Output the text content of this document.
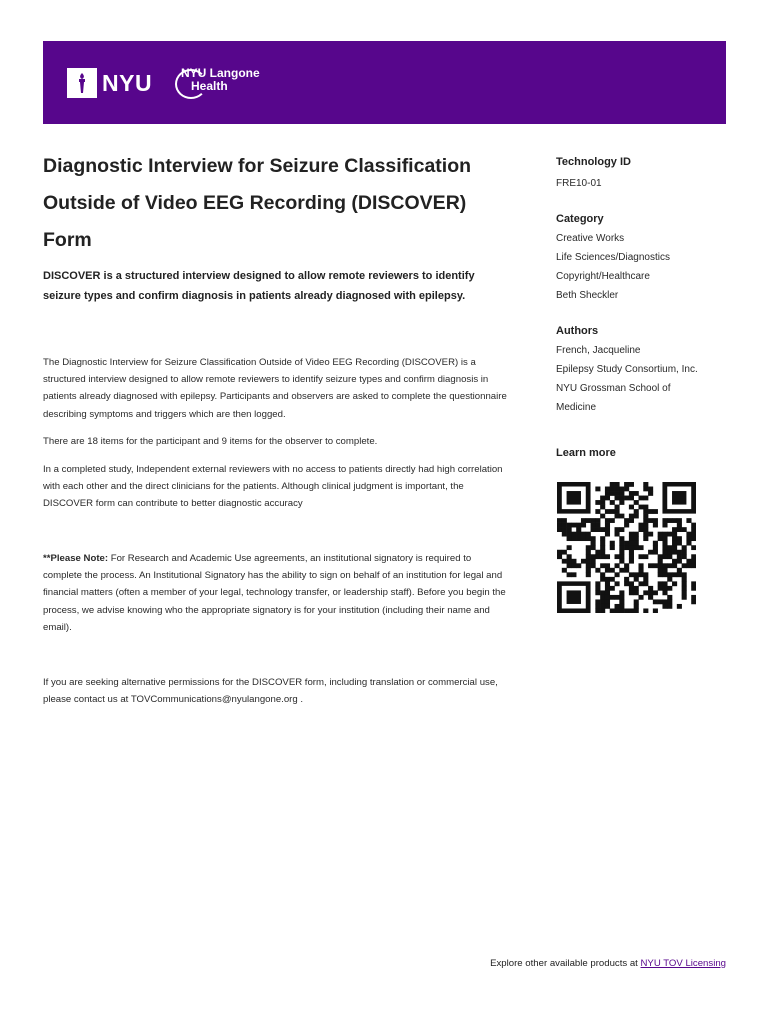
NYU NYU Langone
Health
Diagnostic Interview for Seizure Classification Outside of Video EEG Recording (DISCOVER) Form

DISCOVER is a structured interview designed to allow remote reviewers to identify seizure types and confirm diagnosis in patients already diagnosed with epilepsy.

The Diagnostic Interview for Seizure Classification Outside of Video EEG Recording (DISCOVER) is a structured interview designed to allow remote reviewers to identify seizure types and confirm diagnosis in patients already diagnosed with epilepsy. Participants and observers are asked to complete the questionnaire describing symptoms and triggers which are then logged.

There are 18 items for the participant and 9 items for the observer to complete.

In a completed study, Independent external reviewers with no access to patients directly had high correlation with each other and the direct clinicians for the patients. Although clinical judgment is important, the DISCOVER form can contribute to better diagnostic accuracy

**Please Note: For Research and Academic Use agreements, an institutional signatory is required to complete the process. An Institutional Signatory has the ability to sign on behalf of an institution for legal and financial matters (often a member of your legal, technology transfer, or leadership staff). Before you begin the process, we advise knowing who the appropriate signatory is for your institution (including their name and email).

If you are seeking alternative permissions for the DISCOVER form, including translation or commercial use, please contact us at TOVCommunications@nyulangone.org .

Technology ID

FRE10-01

Category
Creative Works
Life Sciences/Diagnostics
Copyright/Healthcare
Beth Sheckler
Authors
French, Jacqueline
Epilepsy Study Consortium, Inc.
NYU Grossman School of Medicine
Learn more
Explore other available products at NYU TOV Licensing
